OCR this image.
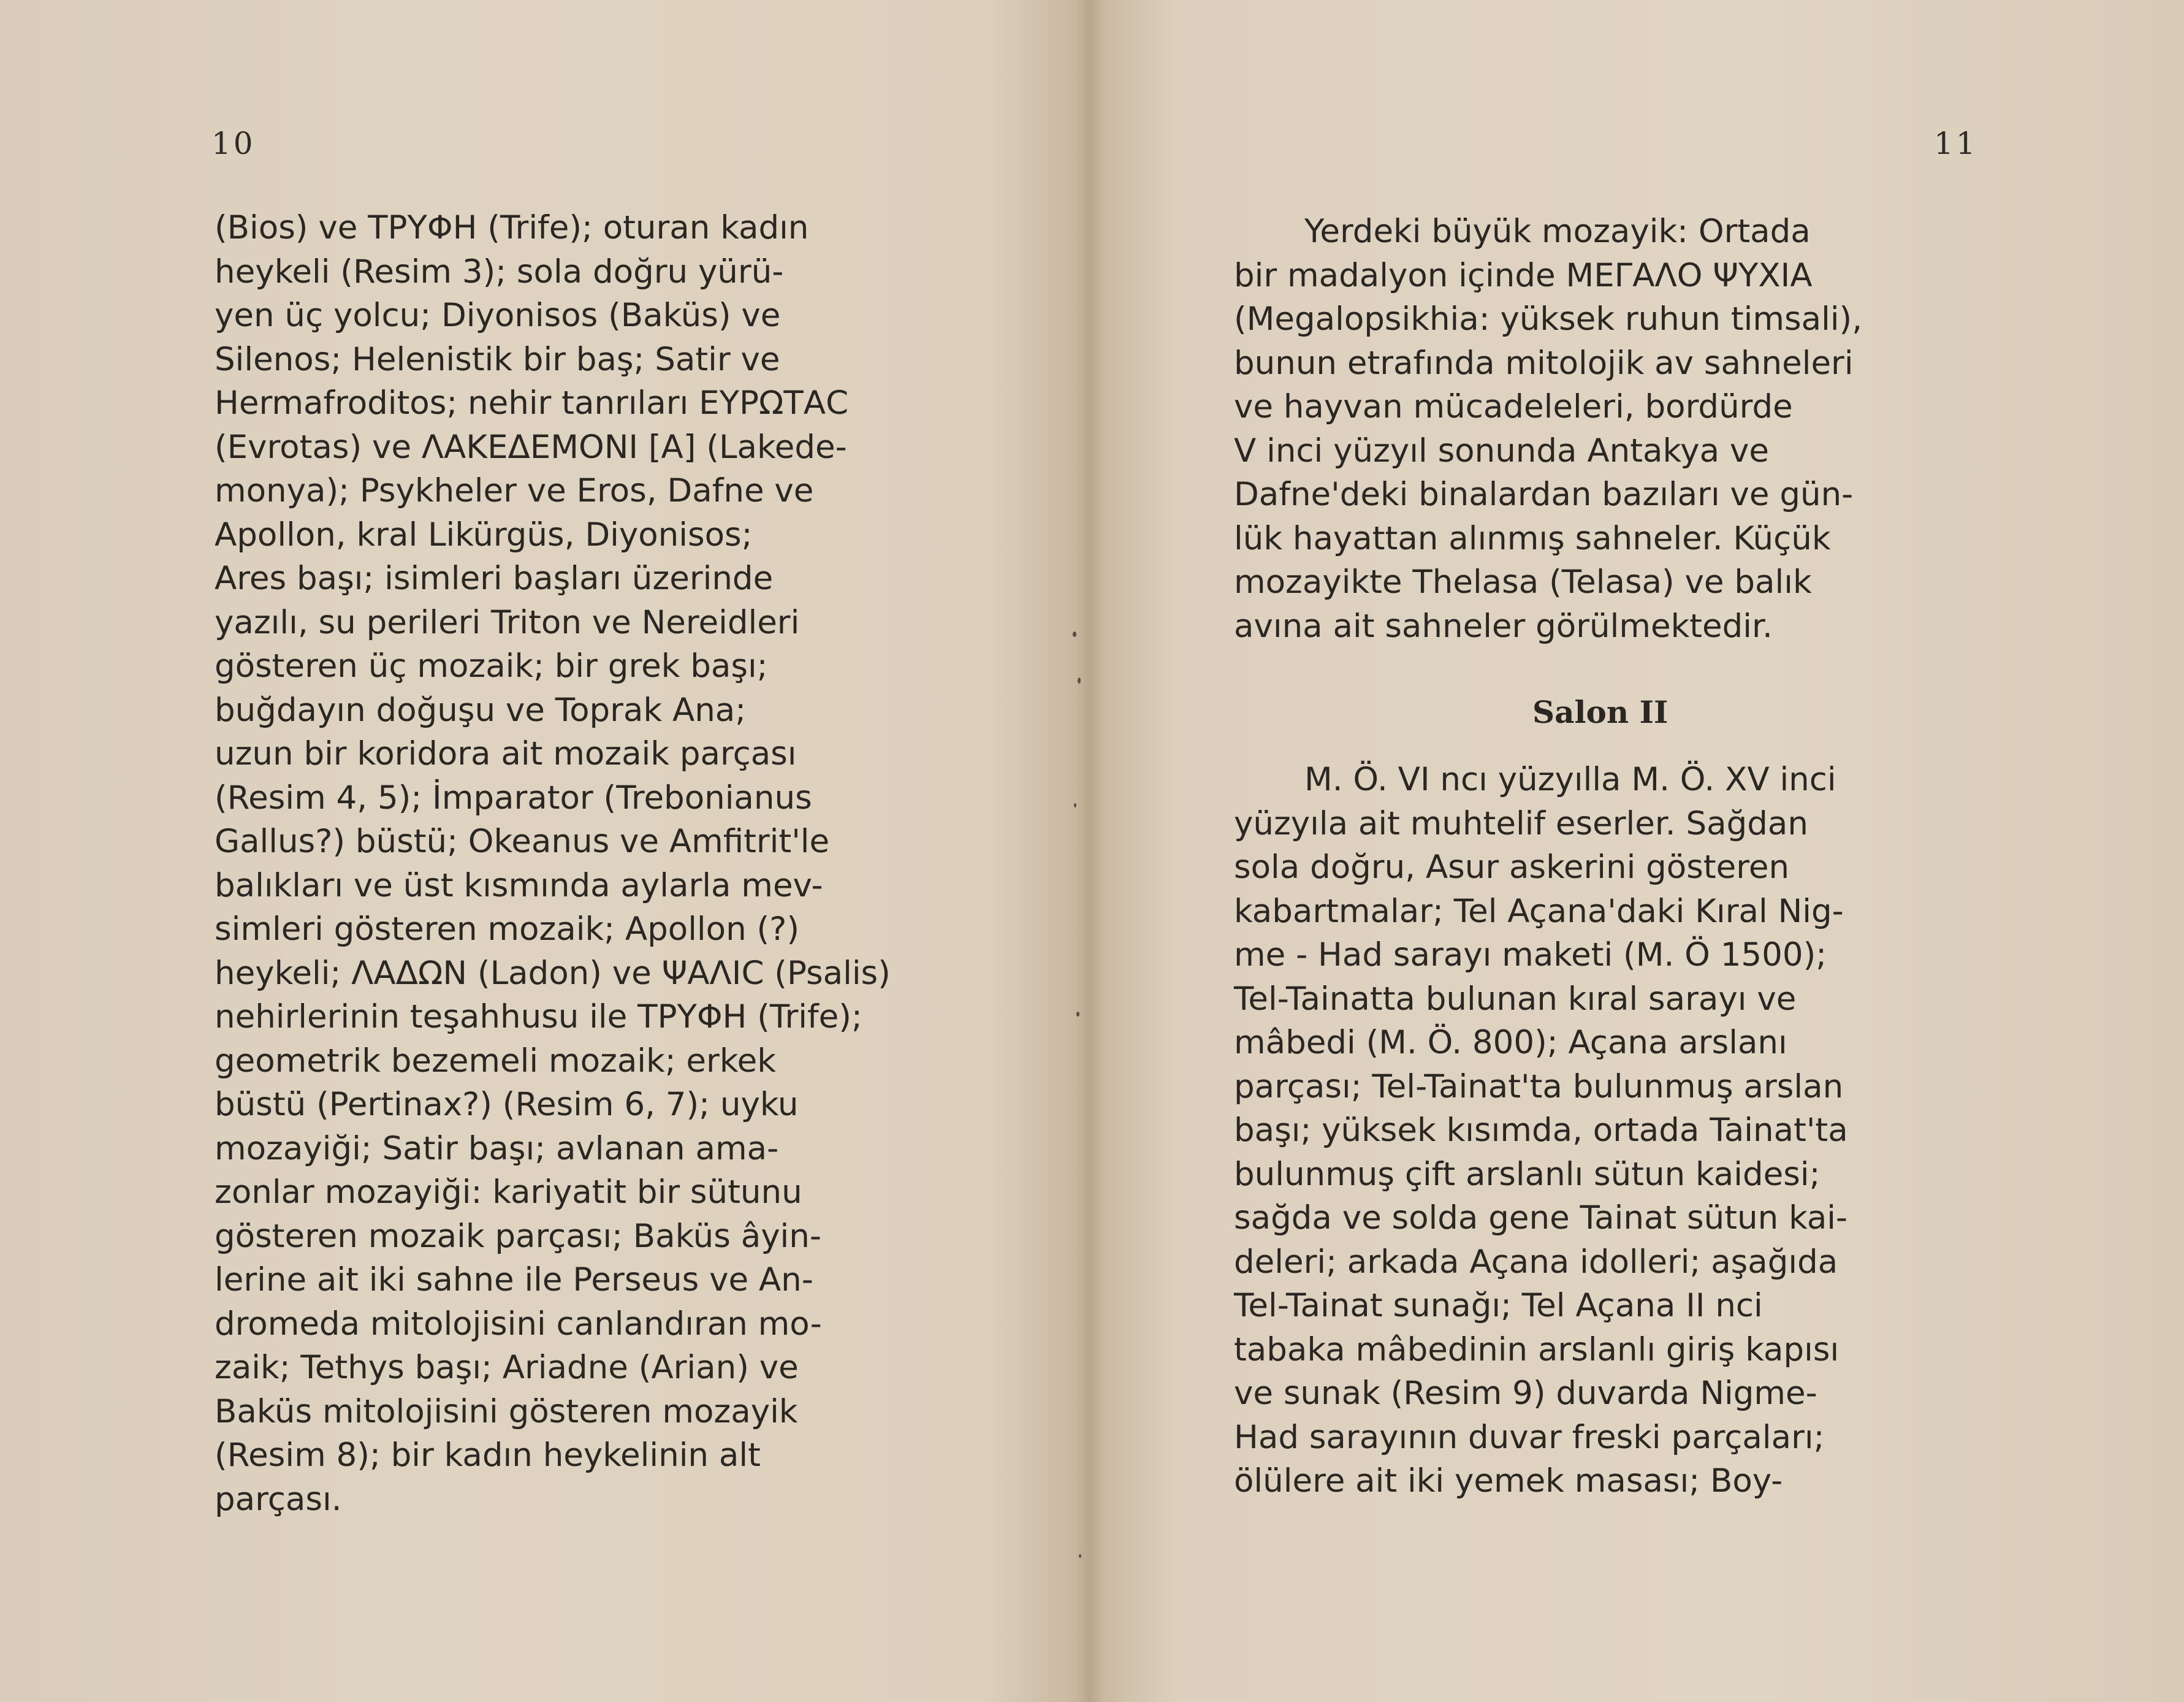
10
(Bios) ve ΤΡΥΦΗ (Trife); oturan kadın
heykeli (Resim 3); sola doğru yürü-
yen üç yolcu; Diyonisos (Baküs) ve
Silenos; Helenistik bir baş; Satir ve
Hermafroditos; nehir tanrıları ΕΥΡΩΤΑC
(Evrotas) ve ΛΑΚΕΔΕΜΟΝΙ [Α] (Lakede-
monya); Psykheler ve Eros, Dafne ve
Apollon, kral Likürgüs, Diyonisos;
Ares başı; isimleri başları üzerinde
yazılı, su perileri Triton ve Nereidleri
gösteren üç mozaik; bir grek başı;
buğdayın doğuşu ve Toprak Ana;
uzun bir koridora ait mozaik parçası
(Resim 4, 5); İmparator (Trebonianus
Gallus?) büstü; Okeanus ve Amfitrit'le
balıkları ve üst kısmında aylarla mev-
simleri gösteren mozaik; Apollon (?)
heykeli; ΛΑΔΩΝ (Ladon) ve ΨΑΛΙC (Psalis)
nehirlerinin teşahhusu ile ΤΡΥΦΗ (Trife);
geometrik bezemeli mozaik; erkek
büstü (Pertinax?) (Resim 6, 7); uyku
mozayiği; Satir başı; avlanan ama-
zonlar mozayiği: kariyatit bir sütunu
gösteren mozaik parçası; Baküs âyin-
lerine ait iki sahne ile Perseus ve An-
dromeda mitolojisini canlandıran mo-
zaik; Tethys başı; Ariadne (Arian) ve
Baküs mitolojisini gösteren mozayik
(Resim 8); bir kadın heykelinin alt
parçası.
11
Yerdeki büyük mozayik: Ortada
bir madalyon içinde ΜΕΓΑΛΟ ΨΥΧΙΑ
(Megalopsikhia: yüksek ruhun timsali),
bunun etrafında mitolojik av sahneleri
ve hayvan mücadeleleri, bordürde
V inci yüzyıl sonunda Antakya ve
Dafne'deki binalardan bazıları ve gün-
lük hayattan alınmış sahneler. Küçük
mozayikte Thelasa (Telasa) ve balık
avına ait sahneler görülmektedir.
Salon II
M. Ö. VI ncı yüzyılla M. Ö. XV inci
yüzyıla ait muhtelif eserler. Sağdan
sola doğru, Asur askerini gösteren
kabartmalar; Tel Açana'daki Kıral Nig-
me - Had sarayı maketi (M. Ö 1500);
Tel-Tainatta bulunan kıral sarayı ve
mâbedi (M. Ö. 800); Açana arslanı
parçası; Tel-Tainat'ta bulunmuş arslan
başı; yüksek kısımda, ortada Tainat'ta
bulunmuş çift arslanlı sütun kaidesi;
sağda ve solda gene Tainat sütun kai-
deleri; arkada Açana idolleri; aşağıda
Tel-Tainat sunağı; Tel Açana II nci
tabaka mâbedinin arslanlı giriş kapısı
ve sunak (Resim 9) duvarda Nigme-
Had sarayının duvar freski parçaları;
ölülere ait iki yemek masası; Boy-
